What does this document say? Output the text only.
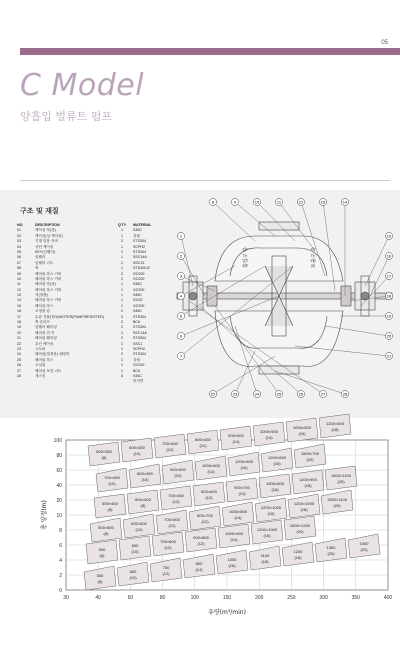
05
C Model
양흡입 벌류트 펌프
구조 및 재질
NO.	DESCRIPTION	Q'TY	MATERIAL
01	케이싱 하(상)	1	S45C
02	케이싱(상 케이싱)	1	강철
03	기계 밀봉 커버	2	STS304
04	상단 케이싱	1	SCPH2
05	KEY(임펠러)	1	STS304
06	임펠러	1	SSC14A
07	임펠러 너트	2	SSC13
08	축	1	STS420J2
09	베어링 하스 커버	2	GC200
10	베어링 하스 커버	2	GC200
11	베어링 하(상)	1	S45C
12	베어링 하스 커버	1	GC200
13	커(결합)	1	S45C
14	베어링 하스 커버	1	GC20
15	베어링 하스	1	GC200
16	조정볼 링	2	S45C
17	수류 커플(T/O)/MOTER(PUMP/RESISTER)	3	STS304
18	축 슬리브	2	BC6
19	임펠러 웨어링	2	STS304
20	베어링 전 커	1	SSC14A
21	베어링 웨어링	2	STS304
22	호인 케이싱	1	SSC1
23	스토퍼	1	SCPH2
24	베어링(밀봉용) 패킹팅	2	STS304
25	베어링 하스	1	강철
26	오일링	1	GC200
27	베어링 포밍 너트	1	BC6
28	개스킷	5	S45C
비석면
1
2
3
4
5
6
7
8	9	10	11	12	13	14
15
16
17
18
19
20
21
22	23	24	25	26	27	28
흡입구 측	토출구 측
30	40	60	80	100	150	200	250	300	350	400
100
80
60
40
20
10
8
6
4
2
0
500×350
(8)
600×350
(10)
700×400
(12)
800×450
(12)
900×500
(14)
1000×500
(14)
1000×500
(16)
1200×600
(18)
700×450
(10)
800×450
(10)
900×500
(10)
1000×600
(14)
1200×600
(16)
1200×650
(16)
1500×700
(20)
500×450
(8)
600×400
(8)
700×450
(12)
800×600
(12)
900×700
(14)
1000×800
(16)
1100×900
(18)
1500×1100
(20)
500×500
(8)
600×500
(10)
700×500
(12)
800×700
(12)
1000×800
(14)
1200×1000
(16)
1200×1000
(18)
1350×1100
(20)
500
(8)
600
(10)
700×600
(12)
900×800
(12)
1000×900
(14)
1200×1000
(16)
1500×1200
(20)
500
(8)
600
(10)
700
(12)
800
(14)
1000
(16)
1100
(18)
1200
(18)
1350
(20)
1500
(20)
유량(m³/min)
총 양정(m)
